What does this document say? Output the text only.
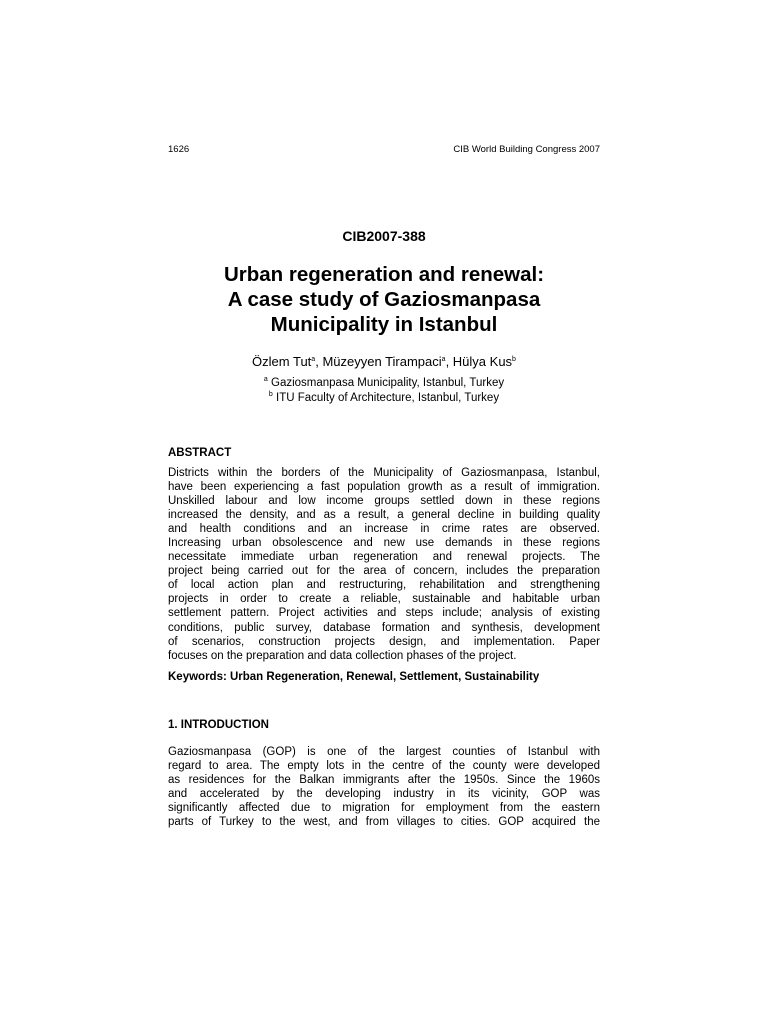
1626	CIB World Building Congress 2007
CIB2007-388
Urban regeneration and renewal:
A case study of Gaziosmanpasa
Municipality in Istanbul
Özlem Tut$^a$, Müzeyyen Tirampaci$^a$, Hülya Kus$^b$
$^a$ Gaziosmanpasa Municipality, Istanbul, Turkey
$^b$ ITU Faculty of Architecture, Istanbul, Turkey
ABSTRACT
Districts within the borders of the Municipality of Gaziosmanpasa, Istanbul,
have been experiencing a fast population growth as a result of immigration.
Unskilled labour and low income groups settled down in these regions
increased the density, and as a result, a general decline in building quality
and health conditions and an increase in crime rates are observed.
Increasing urban obsolescence and new use demands in these regions
necessitate immediate urban regeneration and renewal projects. The
project being carried out for the area of concern, includes the preparation
of local action plan and restructuring, rehabilitation and strengthening
projects in order to create a reliable, sustainable and habitable urban
settlement pattern. Project activities and steps include; analysis of existing
conditions, public survey, database formation and synthesis, development
of scenarios, construction projects design, and implementation. Paper
focuses on the preparation and data collection phases of the project.
Keywords: Urban Regeneration, Renewal, Settlement, Sustainability
1. INTRODUCTION
Gaziosmanpasa (GOP) is one of the largest counties of Istanbul with
regard to area. The empty lots in the centre of the county were developed
as residences for the Balkan immigrants after the 1950s. Since the 1960s
and accelerated by the developing industry in its vicinity, GOP was
significantly affected due to migration for employment from the eastern
parts of Turkey to the west, and from villages to cities. GOP acquired the
